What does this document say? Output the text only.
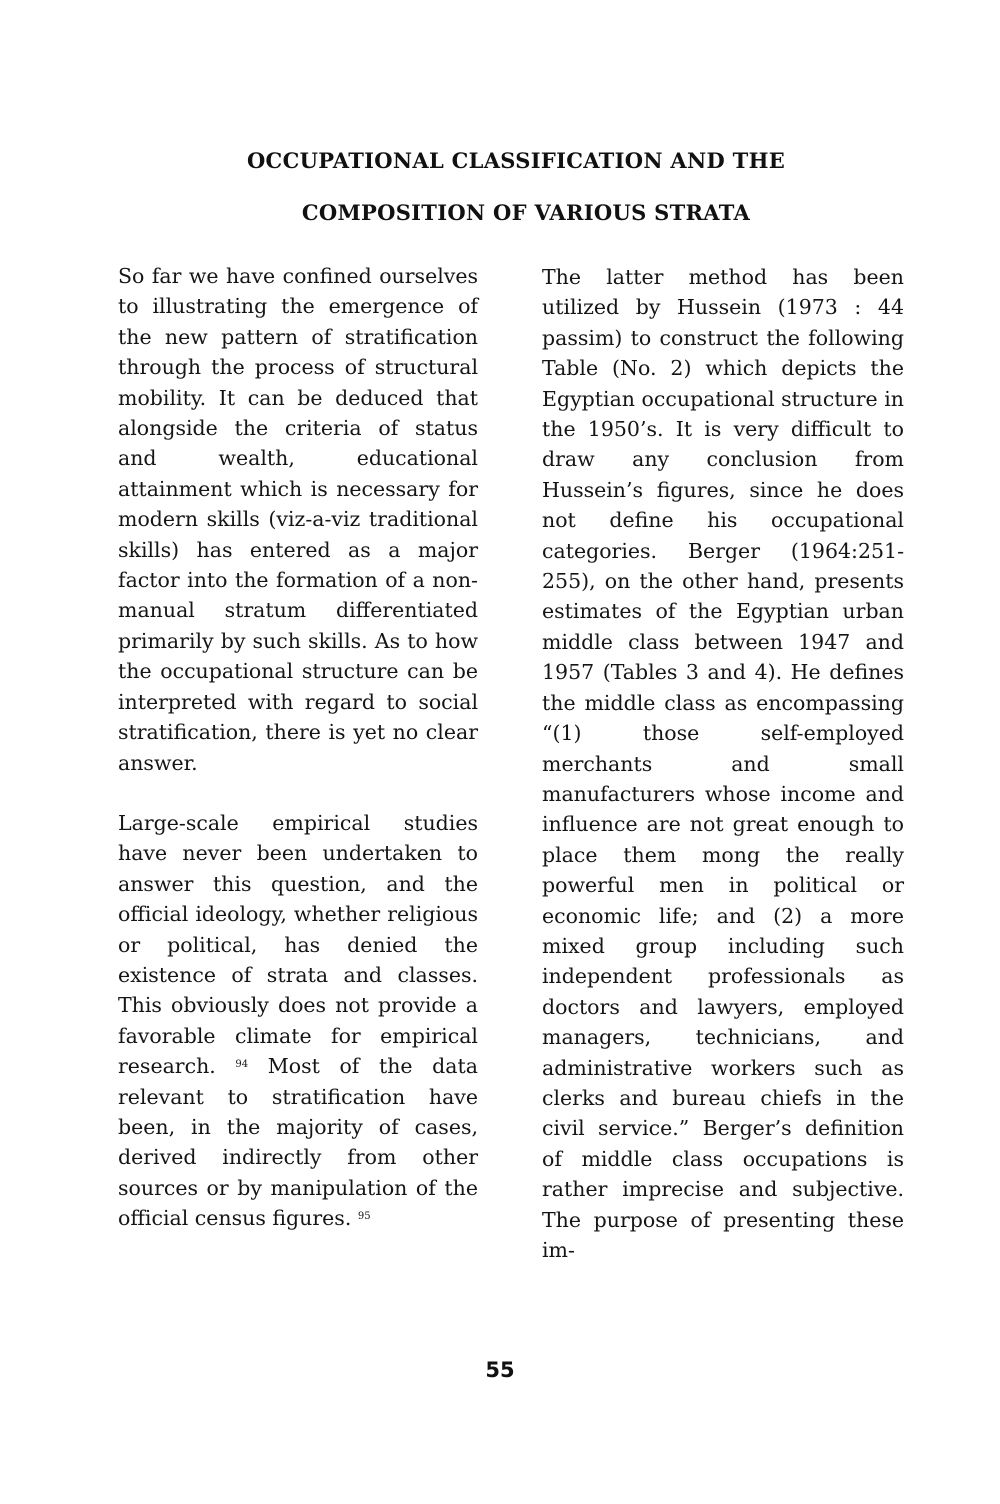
OCCUPATIONAL CLASSIFICATION AND THE
COMPOSITION OF VARIOUS STRATA

So far we have confined ourselves to illustrating the emergence of the new pattern of stratification through the process of structural mobility. It can be deduced that alongside the criteria of status and wealth, educational attainment which is necessary for modern skills (viz-a-viz traditional skills) has entered as a major factor into the formation of a non-manual stratum differentiated primarily by such skills. As to how the occupational structure can be interpreted with regard to social stratification, there is yet no clear answer.

Large-scale empirical studies have never been undertaken to answer this question, and the official ideology, whether religious or political, has denied the existence of strata and classes. This obviously does not provide a favorable climate for empirical research. $^{94}$ Most of the data relevant to stratification have been, in the majority of cases, derived indirectly from other sources or by manipulation of the official census figures. $^{95}$

The latter method has been utilized by Hussein (1973 : 44 passim) to construct the following Table (No. 2) which depicts the Egyptian occupational structure in the 1950’s. It is very difficult to draw any conclusion from Hussein’s figures, since he does not define his occupational categories. Berger (1964:251-255), on the other hand, presents estimates of the Egyptian urban middle class between 1947 and 1957 (Tables 3 and 4). He defines the middle class as encompassing “(1) those self-employed merchants and small manufacturers whose income and influence are not great enough to place them mong the really powerful men in political or economic life; and (2) a more mixed group including such independent professionals as doctors and lawyers, employed managers, technicians, and administrative workers such as clerks and bureau chiefs in the civil service.” Berger’s definition of middle class occupations is rather imprecise and subjective. The purpose of presenting these im-

55
